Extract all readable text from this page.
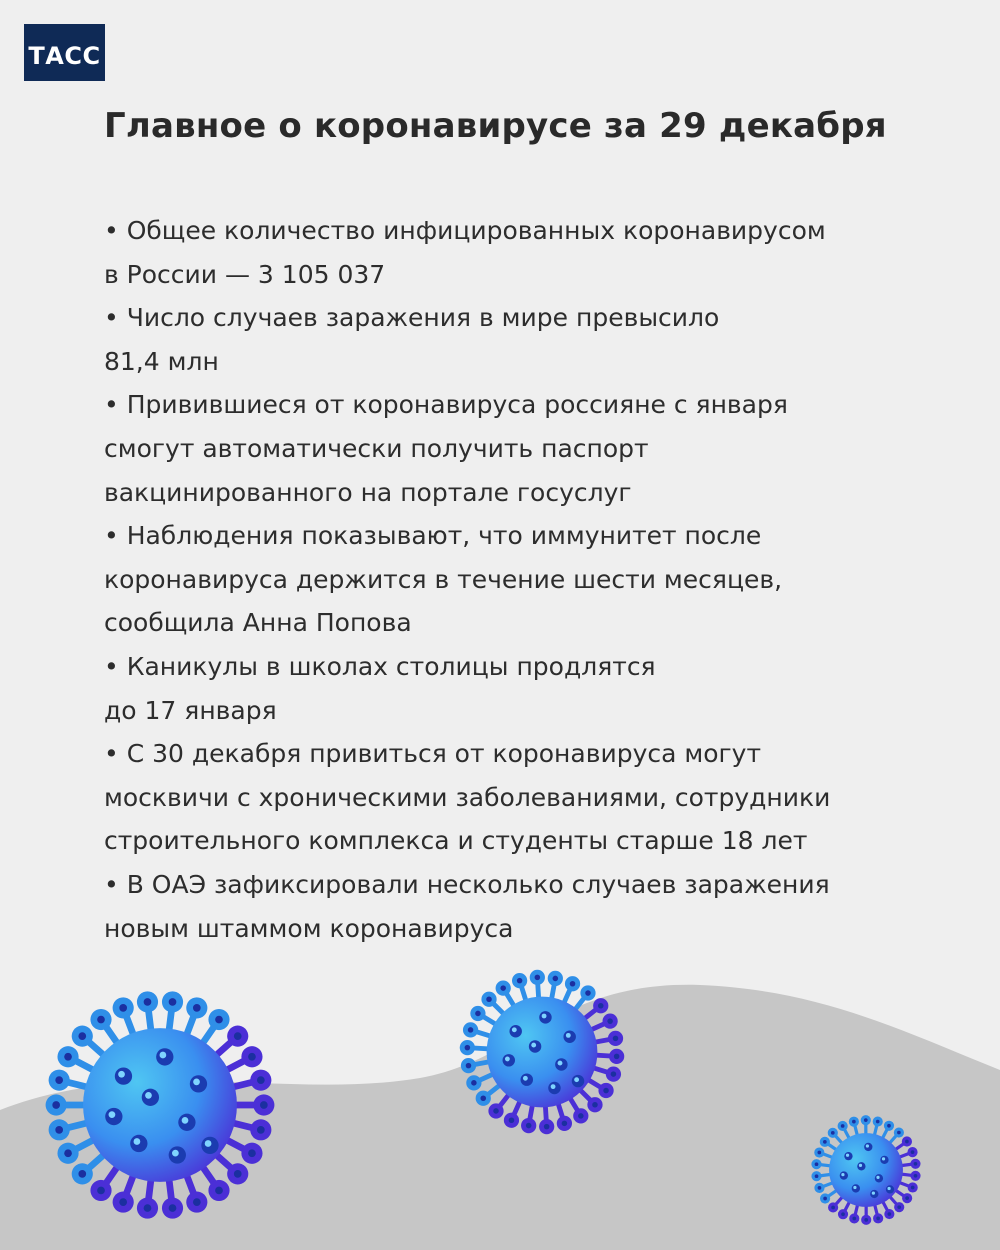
ТАСС
Главное о коронавирусе за 29 декабря
• Общее количество инфицированных коронавирусом
в России — 3 105 037
• Число случаев заражения в мире превысило
81,4 млн
• Привившиеся от коронавируса россияне с января
смогут автоматически получить паспорт
вакцинированного на портале госуслуг
• Наблюдения показывают, что иммунитет после
коронавируса держится в течение шести месяцев,
сообщила Анна Попова
• Каникулы в школах столицы продлятся
до 17 января
• С 30 декабря привиться от коронавируса могут
москвичи с хроническими заболеваниями, сотрудники
строительного комплекса и студенты старше 18 лет
• В ОАЭ зафиксировали несколько случаев заражения
новым штаммом коронавируса
